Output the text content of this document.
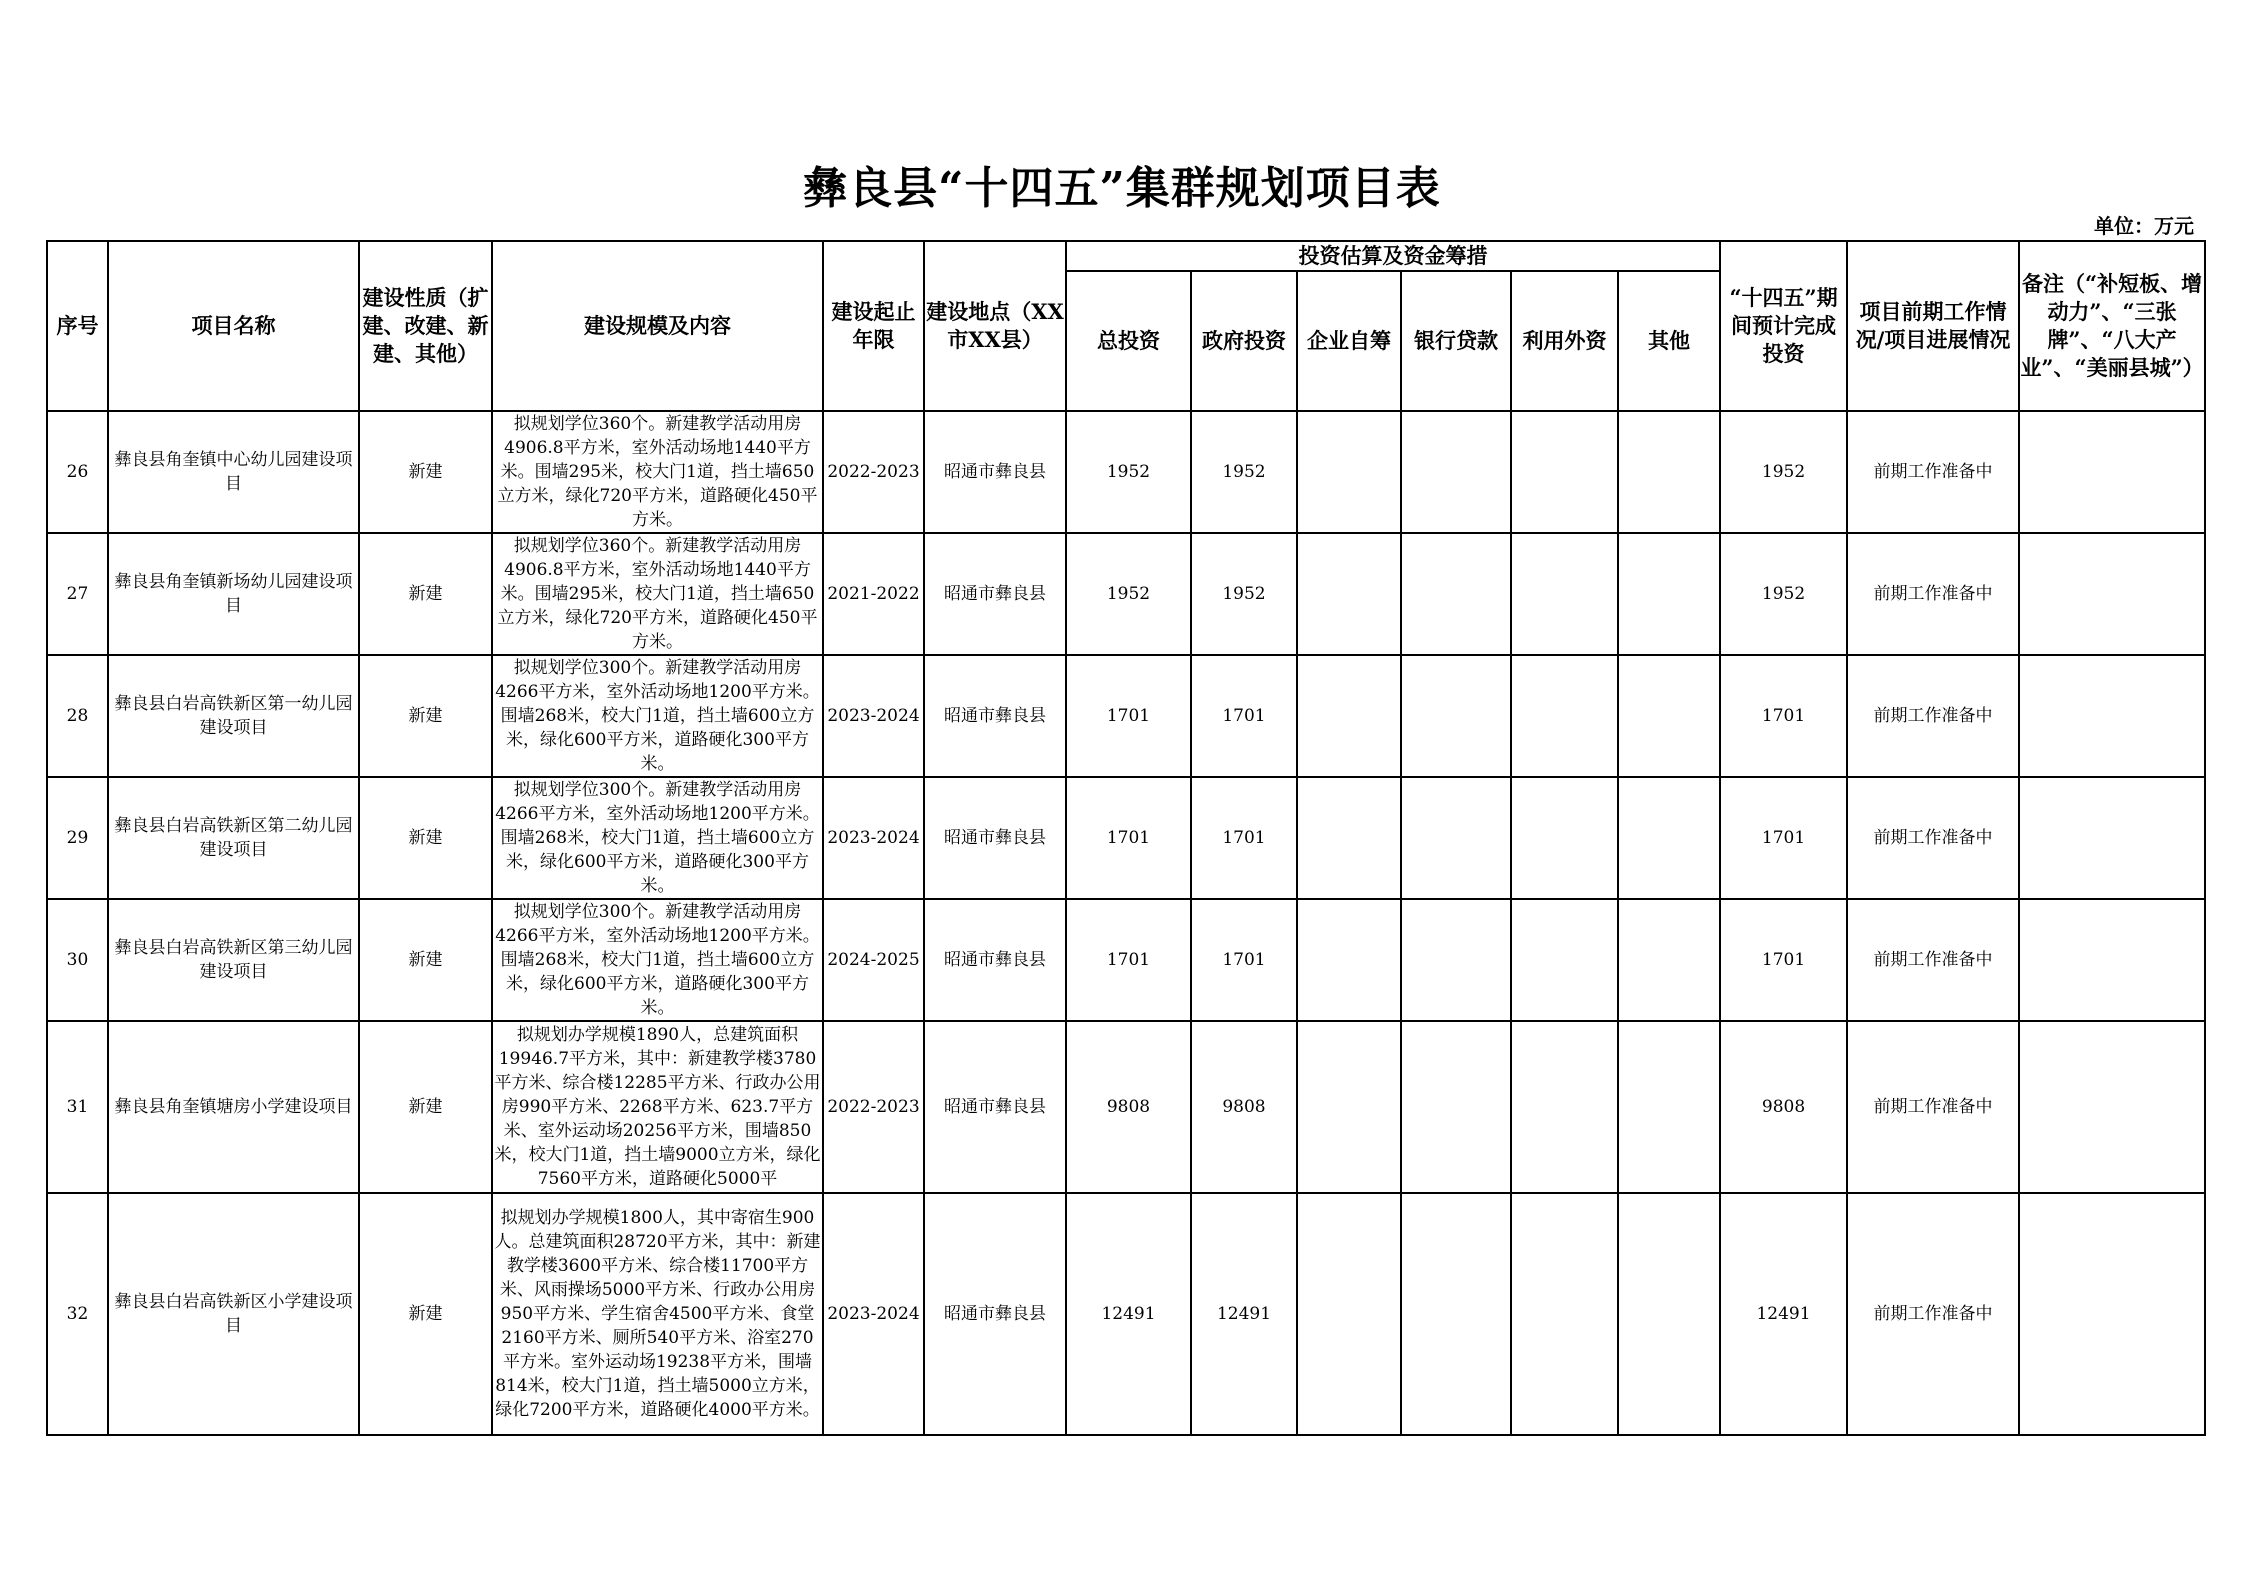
彝良县“十四五”集群规划项目表
单位：万元
序号	项目名称	建设性质（扩建、改建、新建、其他）	建设规模及内容	建设起止年限	建设地点（XX市XX县）	投资估算及资金筹措						“十四五”期间预计完成投资	项目前期工作情况/项目进展情况	备注（“补短板、增动力”、“三张牌”、“八大产业”、“美丽县城”）
						总投资	政府投资	企业自筹	银行贷款	利用外资	其他			
26	彝良县角奎镇中心幼儿园建设项目	新建	拟规划学位360个。新建教学活动用房4906.8平方米，室外活动场地1440平方米。围墙295米，校大门1道，挡土墙650立方米，绿化720平方米，道路硬化450平方米。	2022-2023	昭通市彝良县	1952	1952					1952	前期工作准备中	
27	彝良县角奎镇新场幼儿园建设项目	新建	拟规划学位360个。新建教学活动用房4906.8平方米，室外活动场地1440平方米。围墙295米，校大门1道，挡土墙650立方米，绿化720平方米，道路硬化450平方米。	2021-2022	昭通市彝良县	1952	1952					1952	前期工作准备中	
28	彝良县白岩高铁新区第一幼儿园建设项目	新建	拟规划学位300个。新建教学活动用房4266平方米，室外活动场地1200平方米。围墙268米，校大门1道，挡土墙600立方米，绿化600平方米，道路硬化300平方米。	2023-2024	昭通市彝良县	1701	1701					1701	前期工作准备中	
29	彝良县白岩高铁新区第二幼儿园建设项目	新建	拟规划学位300个。新建教学活动用房4266平方米，室外活动场地1200平方米。围墙268米，校大门1道，挡土墙600立方米，绿化600平方米，道路硬化300平方米。	2023-2024	昭通市彝良县	1701	1701					1701	前期工作准备中	
30	彝良县白岩高铁新区第三幼儿园建设项目	新建	拟规划学位300个。新建教学活动用房4266平方米，室外活动场地1200平方米。围墙268米，校大门1道，挡土墙600立方米，绿化600平方米，道路硬化300平方米。	2024-2025	昭通市彝良县	1701	1701					1701	前期工作准备中	
31	彝良县角奎镇塘房小学建设项目	新建	拟规划办学规模1890人，总建筑面积19946.7平方米，其中：新建教学楼3780平方米、综合楼12285平方米、行政办公用房990平方米、2268平方米、623.7平方米、室外运动场20256平方米，围墙850米，校大门1道，挡土墙9000立方米，绿化7560平方米，道路硬化5000平	2022-2023	昭通市彝良县	9808	9808					9808	前期工作准备中	
32	彝良县白岩高铁新区小学建设项目	新建	拟规划办学规模1800人，其中寄宿生900人。总建筑面积28720平方米，其中：新建教学楼3600平方米、综合楼11700平方米、风雨操场5000平方米、行政办公用房950平方米、学生宿舍4500平方米、食堂2160平方米、厕所540平方米、浴室270平方米。室外运动场19238平方米，围墙814米，校大门1道，挡土墙5000立方米，绿化7200平方米，道路硬化4000平方米。	2023-2024	昭通市彝良县	12491	12491					12491	前期工作准备中	
